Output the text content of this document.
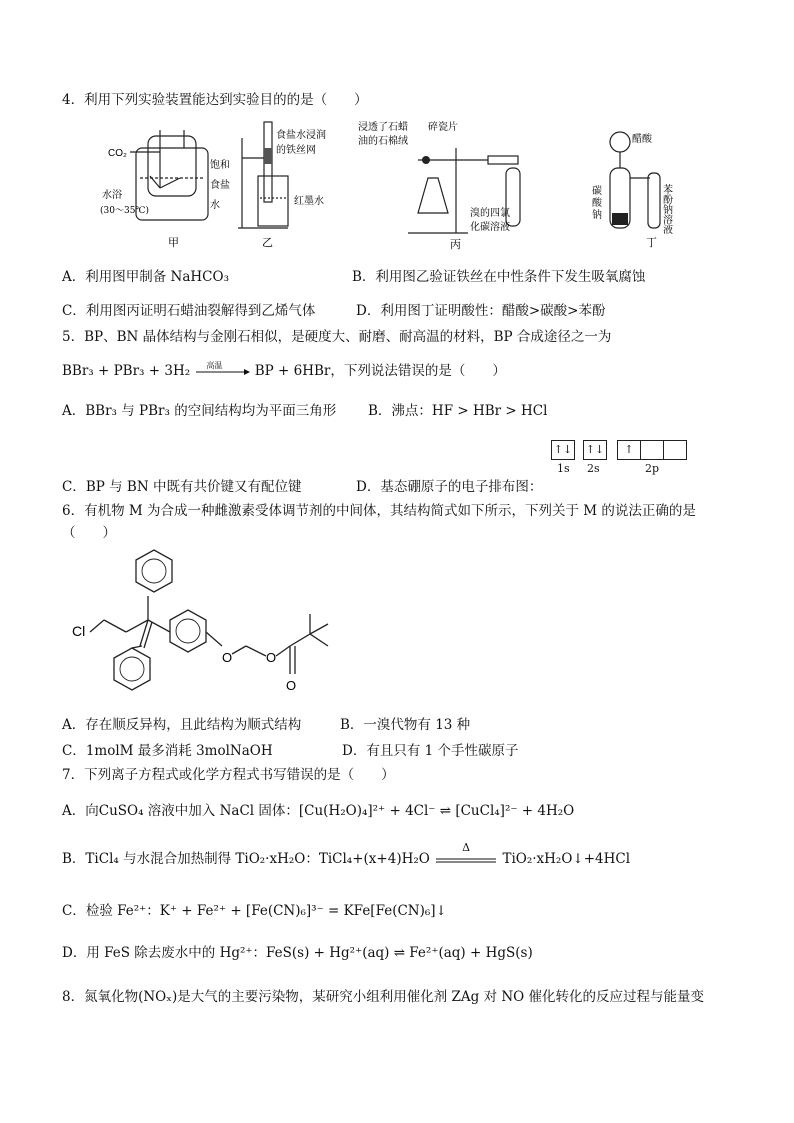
4．利用下列实验装置能达到实验目的的是（　　）
CO₂
水浴
(30～35℃)
饱和
食盐
水
甲
食盐水浸润
的铁丝网
红墨水
乙
浸透了石蜡
油的石棉绒
碎瓷片
溴的四氯
化碳溶液
丙
醋酸
碳
酸
钠	苯酚钠溶液
丁
A．利用图甲制备 NaHCO₃	B．利用图乙验证铁丝在中性条件下发生吸氧腐蚀
C．利用图丙证明石蜡油裂解得到乙烯气体	D．利用图丁证明酸性：醋酸>碳酸>苯酚
5．BP、BN 晶体结构与金刚石相似，是硬度大、耐磨、耐高温的材料，BP 合成途径之一为
BBr₃ + PBr₃ + 3H₂ 高温 BP + 6HBr，下列说法错误的是（　　）
A．BBr₃ 与 PBr₃ 的空间结构均为平面三角形 B．沸点：HF > HBr > HCl
↑↓ ↑↓	↑
1s 2s	2p
C．BP 与 BN 中既有共价键又有配位键	D．基态硼原子的电子排布图：
6．有机物 M 为合成一种雌激素受体调节剂的中间体，其结构简式如下所示，下列关于 M 的说法正确的是
（　　）
Cl
O	O
O
A．存在顺反异构，且此结构为顺式结构	B．一溴代物有 13 种
C．1molM 最多消耗 3molNaOH	D．有且只有 1 个手性碳原子
7．下列离子方程式或化学方程式书写错误的是（　　）
A．向CuSO₄ 溶液中加入 NaCl 固体：[Cu(H₂O)₄]²⁺ + 4Cl⁻ ⇌ [CuCl₄]²⁻ + 4H₂O
B．TiCl₄ 与水混合加热制得 TiO₂·xH₂O：TiCl₄+(x+4)H₂O
Δ
TiO₂·xH₂O↓+4HCl
C．检验 Fe²⁺：K⁺ + Fe²⁺ + [Fe(CN)₆]³⁻ = KFe[Fe(CN)₆]↓
D．用 FeS 除去废水中的 Hg²⁺：FeS(s) + Hg²⁺(aq) ⇌ Fe²⁺(aq) + HgS(s)
8．氮氧化物(NOₓ)是大气的主要污染物，某研究小组利用催化剂 ZAg 对 NO 催化转化的反应过程与能量变
